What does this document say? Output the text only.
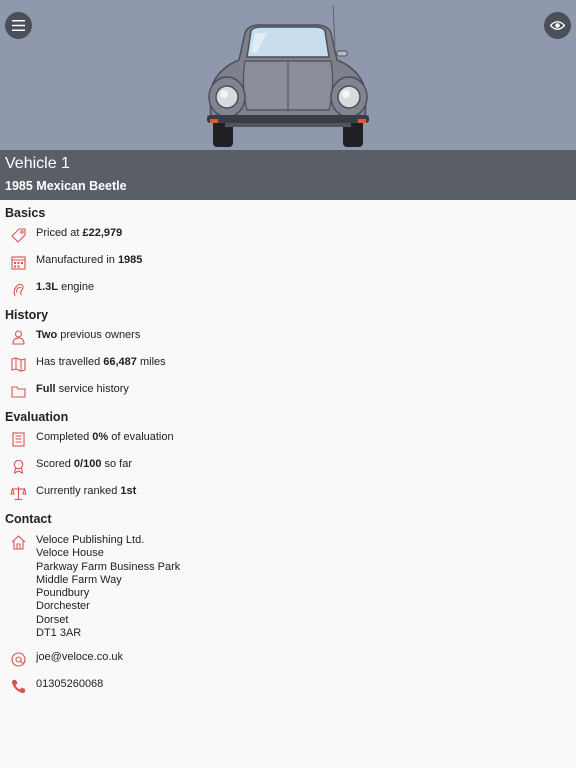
Vehicle 1
1985 Mexican Beetle
Basics
Priced at £22,979
Manufactured in 1985
1.3L engine
History
Two previous owners
Has travelled 66,487 miles
Full service history
Evaluation
Completed 0% of evaluation
Scored 0/100 so far
Currently ranked 1st
Contact
Veloce Publishing Ltd.
Veloce House
Parkway Farm Business Park
Middle Farm Way
Poundbury
Dorchester
Dorset
DT1 3AR
joe@veloce.co.uk
01305260068
